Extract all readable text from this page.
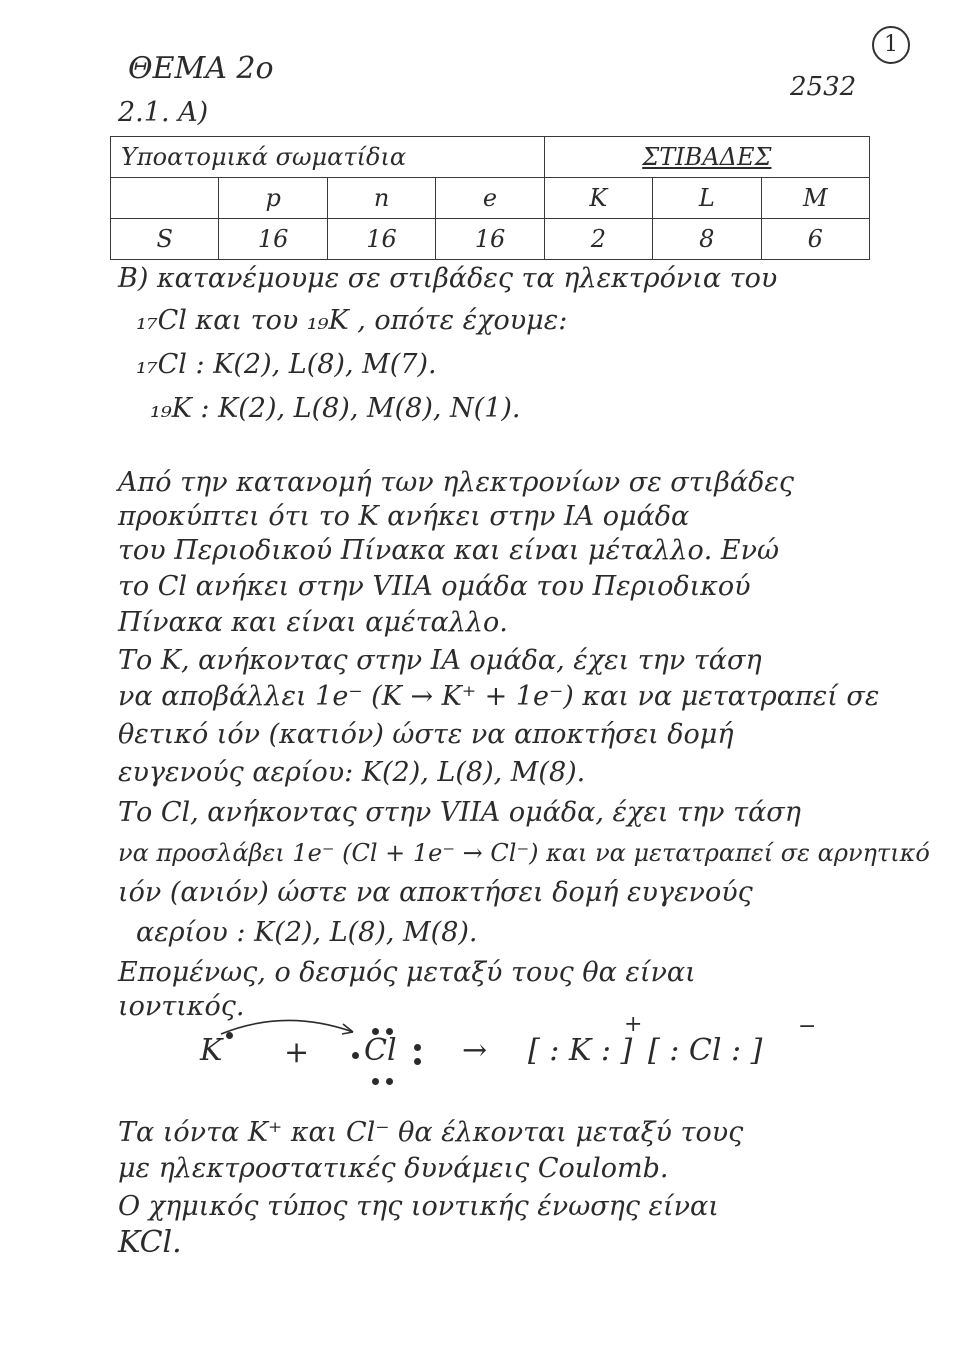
ΘΕΜΑ 2ο
1
2532
2.1. Α)
Υποατομικά σωματίδια				ΣΤΙΒΑΔΕΣ		
	p	n	e	K	L	M
S	16	16	16	2	8	6
Β) κατανέμουμε σε στιβάδες τα ηλεκτρόνια του
₁₇Cl και του ₁₉K , οπότε έχουμε:
₁₇Cl : K(2), L(8), M(7).
₁₉K : K(2), L(8), M(8), N(1).
Από την κατανομή των ηλεκτρονίων σε στιβάδες
προκύπτει ότι το K ανήκει στην IA ομάδα
του Περιοδικού Πίνακα και είναι μέταλλο. Ενώ
το Cl ανήκει στην VIIA ομάδα του Περιοδικού
Πίνακα και είναι αμέταλλο.
Το K, ανήκοντας στην IA ομάδα, έχει την τάση
να αποβάλλει 1e⁻ (K → K⁺ + 1e⁻) και να μετατραπεί σε
θετικό ιόν (κατιόν) ώστε να αποκτήσει δομή
ευγενούς αερίου: K(2), L(8), M(8).
Το Cl, ανήκοντας στην VIIA ομάδα, έχει την τάση
να προσλάβει 1e⁻ (Cl + 1e⁻ → Cl⁻) και να μετατραπεί σε αρνητικό
ιόν (ανιόν) ώστε να αποκτήσει δομή ευγενούς
αερίου : K(2), L(8), M(8).
Επομένως, ο δεσμός μεταξύ τους θα είναι
ιοντικός.
K + Cl → [ : K : ]
+
[ : Cl : ]
−
Τα ιόντα K⁺ και Cl⁻ θα έλκονται μεταξύ τους
με ηλεκτροστατικές δυνάμεις Coulomb.
Ο χημικός τύπος της ιοντικής ένωσης είναι
KCl.
